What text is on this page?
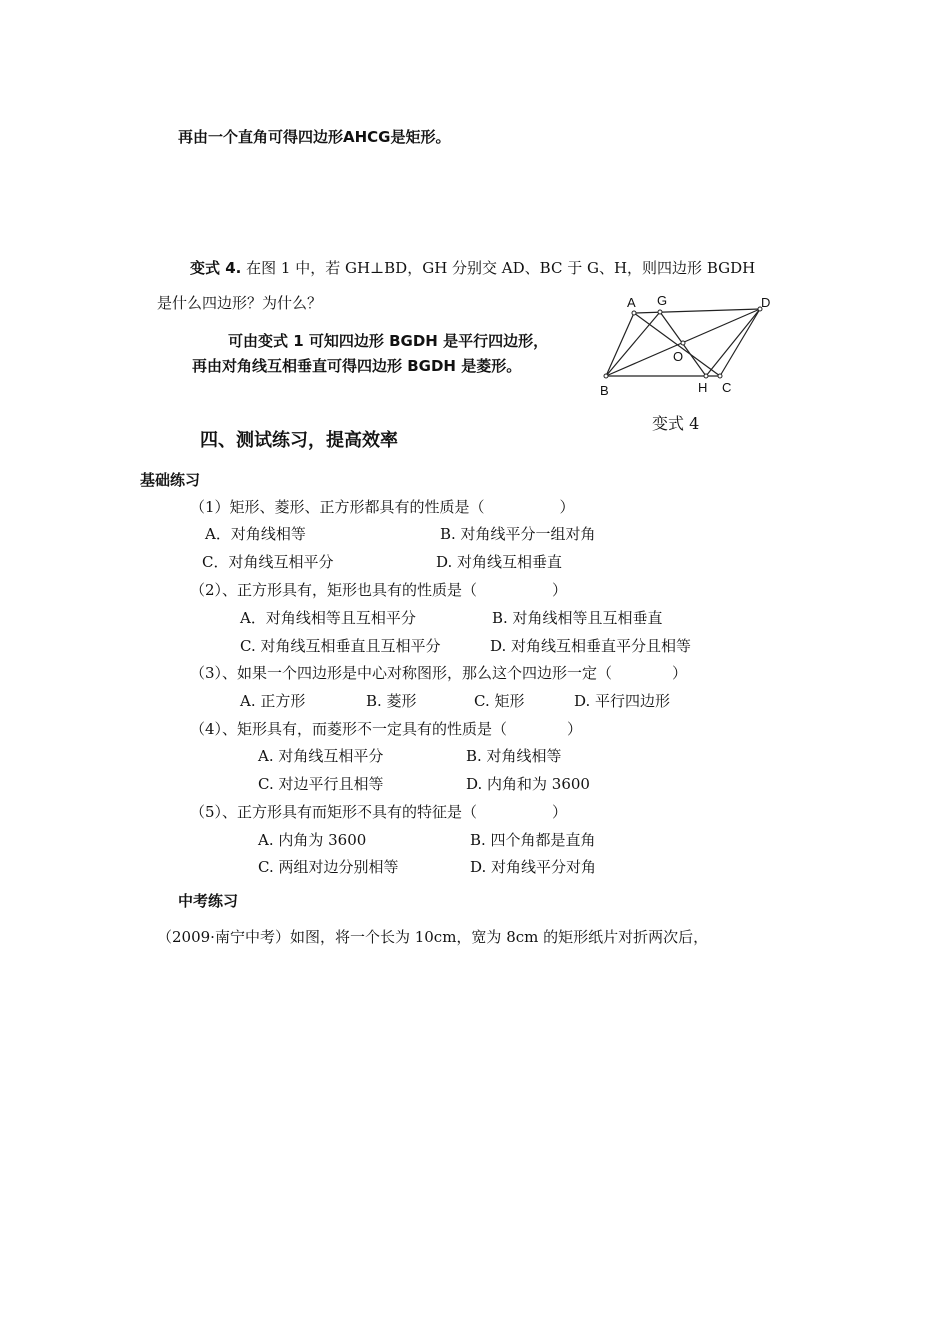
再由一个直角可得四边形AHCG是矩形。
变式 4. 在图 1 中，若 GH⊥BD，GH 分别交 AD、BC 于 G、H，则四边形 BGDH
是什么四边形？为什么？
可由变式 1 可知四边形 BGDH 是平行四边形，
再由对角线互相垂直可得四边形 BGDH 是菱形。
A G	D
O
B	H C
变式 4
四、测试练习，提高效率
基础练习
（1）矩形、菱形、正方形都具有的性质是（　　　　　）
A．对角线相等	B. 对角线平分一组对角
C．对角线互相平分	D. 对角线互相垂直
（2）、正方形具有，矩形也具有的性质是（　　　　　）
A．对角线相等且互相平分	B. 对角线相等且互相垂直
C. 对角线互相垂直且互相平分	D. 对角线互相垂直平分且相等
（3）、如果一个四边形是中心对称图形，那么这个四边形一定（　　　　）
A. 正方形	B. 菱形	C. 矩形	D. 平行四边形
（4）、矩形具有，而菱形不一定具有的性质是（　　　　）
A. 对角线互相平分	B. 对角线相等
C. 对边平行且相等	D. 内角和为 3600
（5）、正方形具有而矩形不具有的特征是（　　　　　）
A. 内角为 3600	B. 四个角都是直角
C. 两组对边分别相等	D. 对角线平分对角
中考练习
（2009·南宁中考）如图，将一个长为 10cm，宽为 8cm 的矩形纸片对折两次后，
